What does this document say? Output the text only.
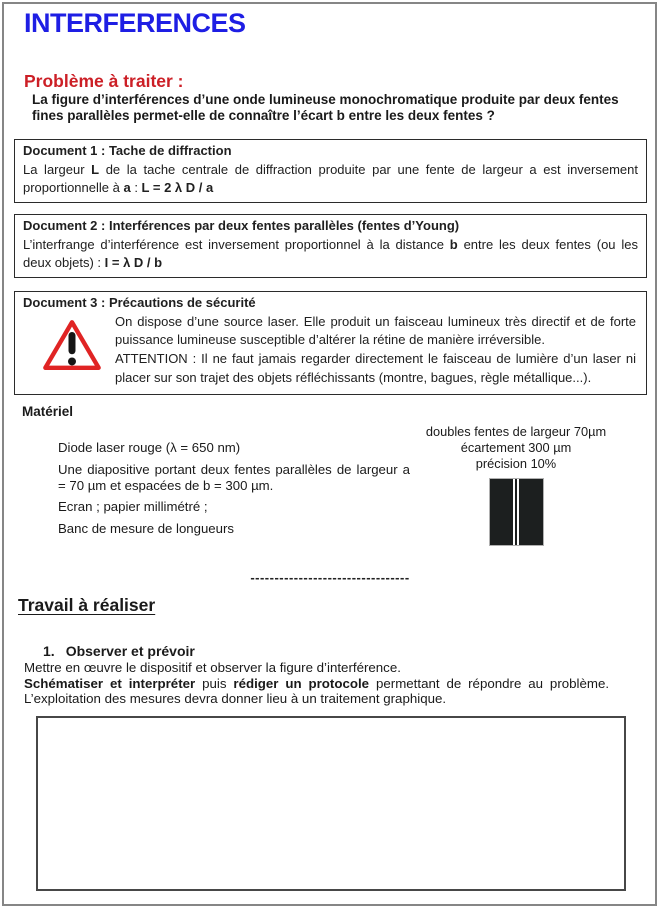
INTERFERENCES
Problème à traiter :
La figure d’interférences d’une onde lumineuse monochromatique produite par deux fentes fines parallèles permet-elle de connaître l’écart b entre les deux fentes ?
Document 1 : Tache de diffraction
La largeur L de la tache centrale de diffraction produite par une fente de largeur a est inversement proportionnelle à a : L = 2 λ D / a
Document 2 : Interférences par deux fentes parallèles (fentes d’Young)
L’interfrange d’interférence est inversement proportionnel à la distance b entre les deux fentes (ou les deux objets) : I = λ D / b
Document 3 : Précautions de sécurité
On dispose d’une source laser. Elle produit un faisceau lumineux très directif et de forte puissance lumineuse susceptible d’altérer la rétine de manière irréversible.
ATTENTION : Il ne faut jamais regarder directement le faisceau de lumière d’un laser ni placer sur son trajet des objets réfléchissants (montre, bagues, règle métallique...).
Matériel
Diode laser rouge (λ = 650 nm)
Une diapositive portant deux fentes parallèles de largeur a = 70 µm et espacées de b = 300 µm.
Ecran ; papier millimétré ;
Banc de mesure de longueurs
doubles fentes de largeur 70µm
écartement 300 µm
précision 10%
---------------------------------
Travail à réaliser
1. Observer et prévoir
Mettre en œuvre le dispositif et observer la figure d’interférence.
Schématiser et interpréter puis rédiger un protocole permettant de répondre au problème.
L’exploitation des mesures devra donner lieu à un traitement graphique.
